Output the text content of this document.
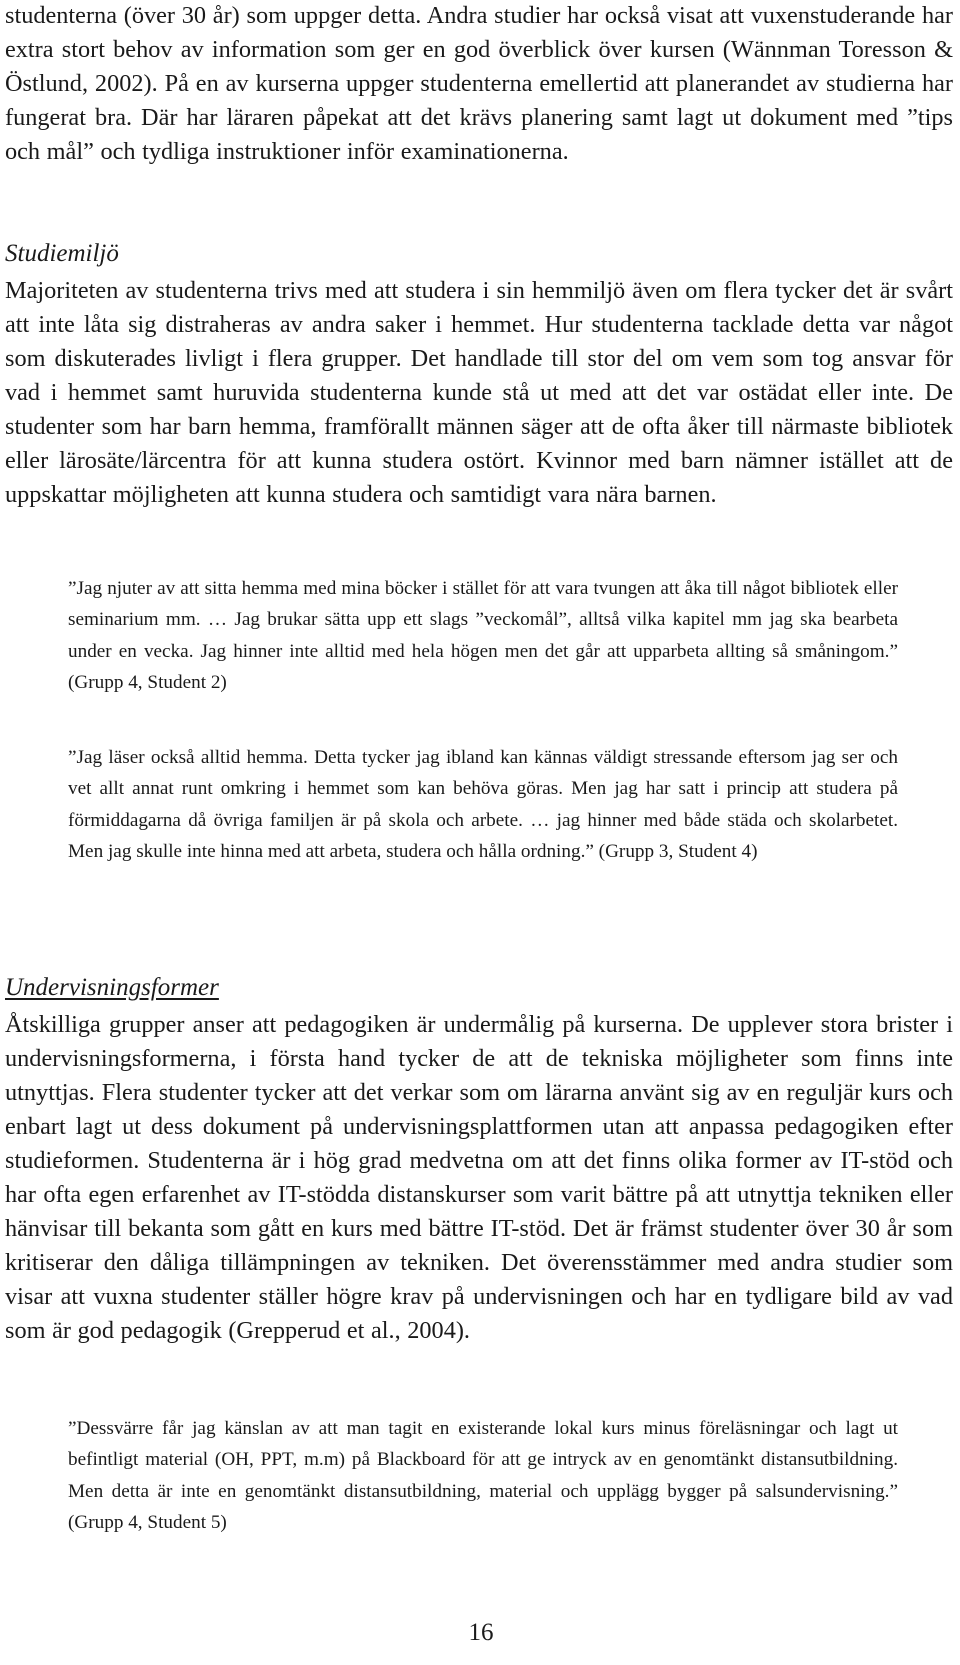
studenterna (över 30 år) som uppger detta. Andra studier har också visat att vuxenstuderande har extra stort behov av information som ger en god överblick över kursen (Wännman Toresson & Östlund, 2002). På en av kurserna uppger studenterna emellertid att planerandet av studierna har fungerat bra. Där har läraren påpekat att det krävs planering samt lagt ut dokument med ”tips och mål” och tydliga instruktioner inför examinationerna.

Studiemiljö

Majoriteten av studenterna trivs med att studera i sin hemmiljö även om flera tycker det är svårt att inte låta sig distraheras av andra saker i hemmet. Hur studenterna tacklade detta var något som diskuterades livligt i flera grupper. Det handlade till stor del om vem som tog ansvar för vad i hemmet samt huruvida studenterna kunde stå ut med att det var ostädat eller inte. De studenter som har barn hemma, framförallt männen säger att de ofta åker till närmaste bibliotek eller lärosäte/lärcentra för att kunna studera ostört. Kvinnor med barn nämner istället att de uppskattar möjligheten att kunna studera och samtidigt vara nära barnen.

”Jag njuter av att sitta hemma med mina böcker i stället för att vara tvungen att åka till något bibliotek eller seminarium mm. … Jag brukar sätta upp ett slags ”veckomål”, alltså vilka kapitel mm jag ska bearbeta under en vecka. Jag hinner inte alltid med hela högen men det går att upparbeta allting så småningom.” (Grupp 4, Student 2)

”Jag läser också alltid hemma. Detta tycker jag ibland kan kännas väldigt stressande eftersom jag ser och vet allt annat runt omkring i hemmet som kan behöva göras. Men jag har satt i princip att studera på förmiddagarna då övriga familjen är på skola och arbete. … jag hinner med både städa och skolarbetet. Men jag skulle inte hinna med att arbeta, studera och hålla ordning.” (Grupp 3, Student 4)

Undervisningsformer

Åtskilliga grupper anser att pedagogiken är undermålig på kurserna. De upplever stora brister i undervisningsformerna, i första hand tycker de att de tekniska möjligheter som finns inte utnyttjas. Flera studenter tycker att det verkar som om lärarna använt sig av en reguljär kurs och enbart lagt ut dess dokument på undervisningsplattformen utan att anpassa pedagogiken efter studieformen. Studenterna är i hög grad medvetna om att det finns olika former av IT-stöd och har ofta egen erfarenhet av IT-stödda distanskurser som varit bättre på att utnyttja tekniken eller hänvisar till bekanta som gått en kurs med bättre IT-stöd. Det är främst studenter över 30 år som kritiserar den dåliga tillämpningen av tekniken. Det överensstämmer med andra studier som visar att vuxna studenter ställer högre krav på undervisningen och har en tydligare bild av vad som är god pedagogik (Grepperud et al., 2004).

”Dessvärre får jag känslan av att man tagit en existerande lokal kurs minus föreläsningar och lagt ut befintligt material (OH, PPT, m.m) på Blackboard för att ge intryck av en genomtänkt distansutbildning. Men detta är inte en genomtänkt distansutbildning, material och upplägg bygger på salsundervisning.” (Grupp 4, Student 5)

16
